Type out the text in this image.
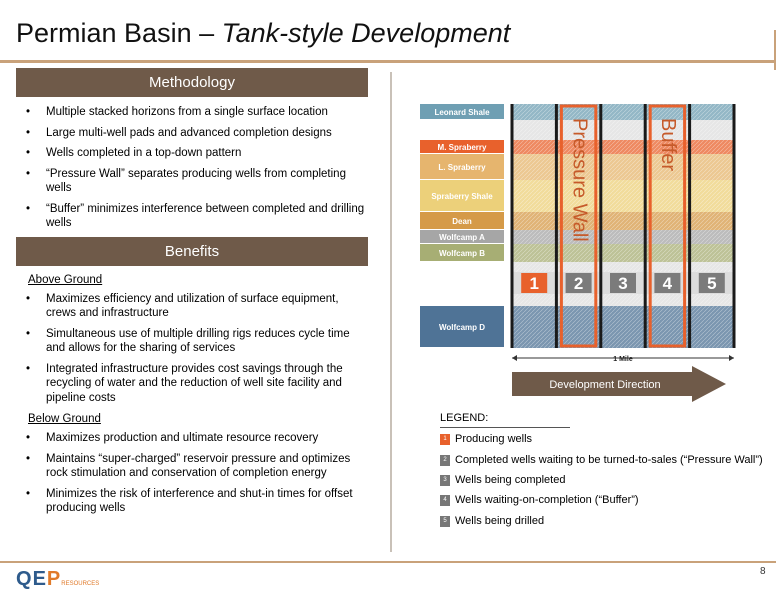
Permian Basin – Tank-style Development
Methodology
• Multiple stacked horizons from a single surface location
• Large multi-well pads and advanced completion designs
• Wells completed in a top-down pattern
• “Pressure Wall” separates producing wells from completing wells
• “Buffer” minimizes interference between completed and drilling wells
Benefits
Above Ground
• Maximizes efficiency and utilization of surface equipment, crews and infrastructure
• Simultaneous use of multiple drilling rigs reduces cycle time and allows for the sharing of services
• Integrated infrastructure provides cost savings through the recycling of water and the reduction of well site facility and pipeline costs
Below Ground
• Maximizes production and ultimate resource recovery
• Maintains “super-charged” reservoir pressure and optimizes rock stimulation and conservation of completion energy
• Minimizes the risk of interference and shut-in times for offset producing wells
Leonard Shale
M. Spraberry
L. Spraberry
Spraberry Shale
Dean
Wolfcamp A
Wolfcamp B
Wolfcamp D
1 2 3 4 5
Pressure Wall	Buffer
1 Mile
Development Direction
LEGEND:
1 Producing wells
2 Completed wells waiting to be turned-to-sales (“Pressure Wall”)
3 Wells being completed
4 Wells waiting-on-completion (“Buffer”)
5 Wells being drilled
QEPRESOURCES
8
